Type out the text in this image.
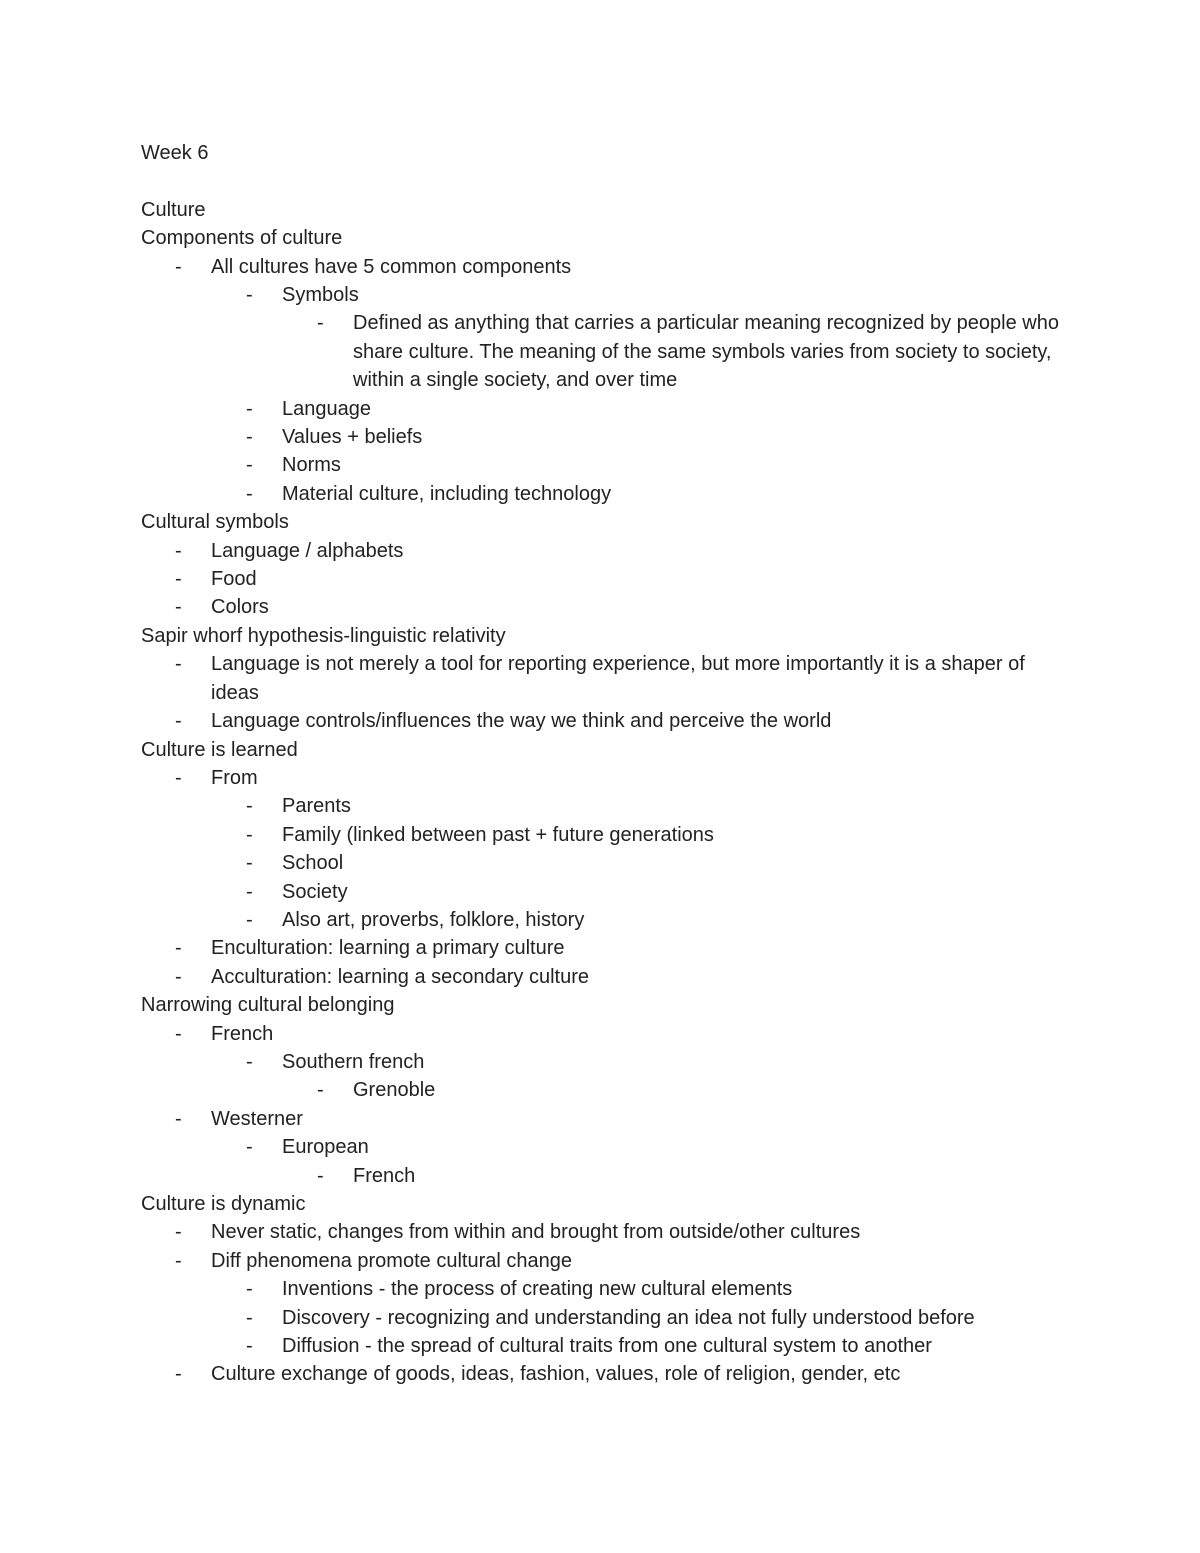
Week 6
Culture
Components of culture
- All cultures have 5 common components
- Symbols
- Defined as anything that carries a particular meaning recognized by people who share culture. The meaning of the same symbols varies from society to society, within a single society, and over time
- Language
- Values + beliefs
- Norms
- Material culture, including technology
Cultural symbols
- Language / alphabets
- Food
- Colors
Sapir whorf hypothesis-linguistic relativity
- Language is not merely a tool for reporting experience, but more importantly it is a shaper of ideas
- Language controls/influences the way we think and perceive the world
Culture is learned
- From
- Parents
- Family (linked between past + future generations
- School
- Society
- Also art, proverbs, folklore, history
- Enculturation: learning a primary culture
- Acculturation: learning a secondary culture
Narrowing cultural belonging
- French
- Southern french
- Grenoble
- Westerner
- European
- French
Culture is dynamic
- Never static, changes from within and brought from outside/other cultures
- Diff phenomena promote cultural change
- Inventions - the process of creating new cultural elements
- Discovery - recognizing and understanding an idea not fully understood before
- Diffusion - the spread of cultural traits from one cultural system to another
- Culture exchange of goods, ideas, fashion, values, role of religion, gender, etc
